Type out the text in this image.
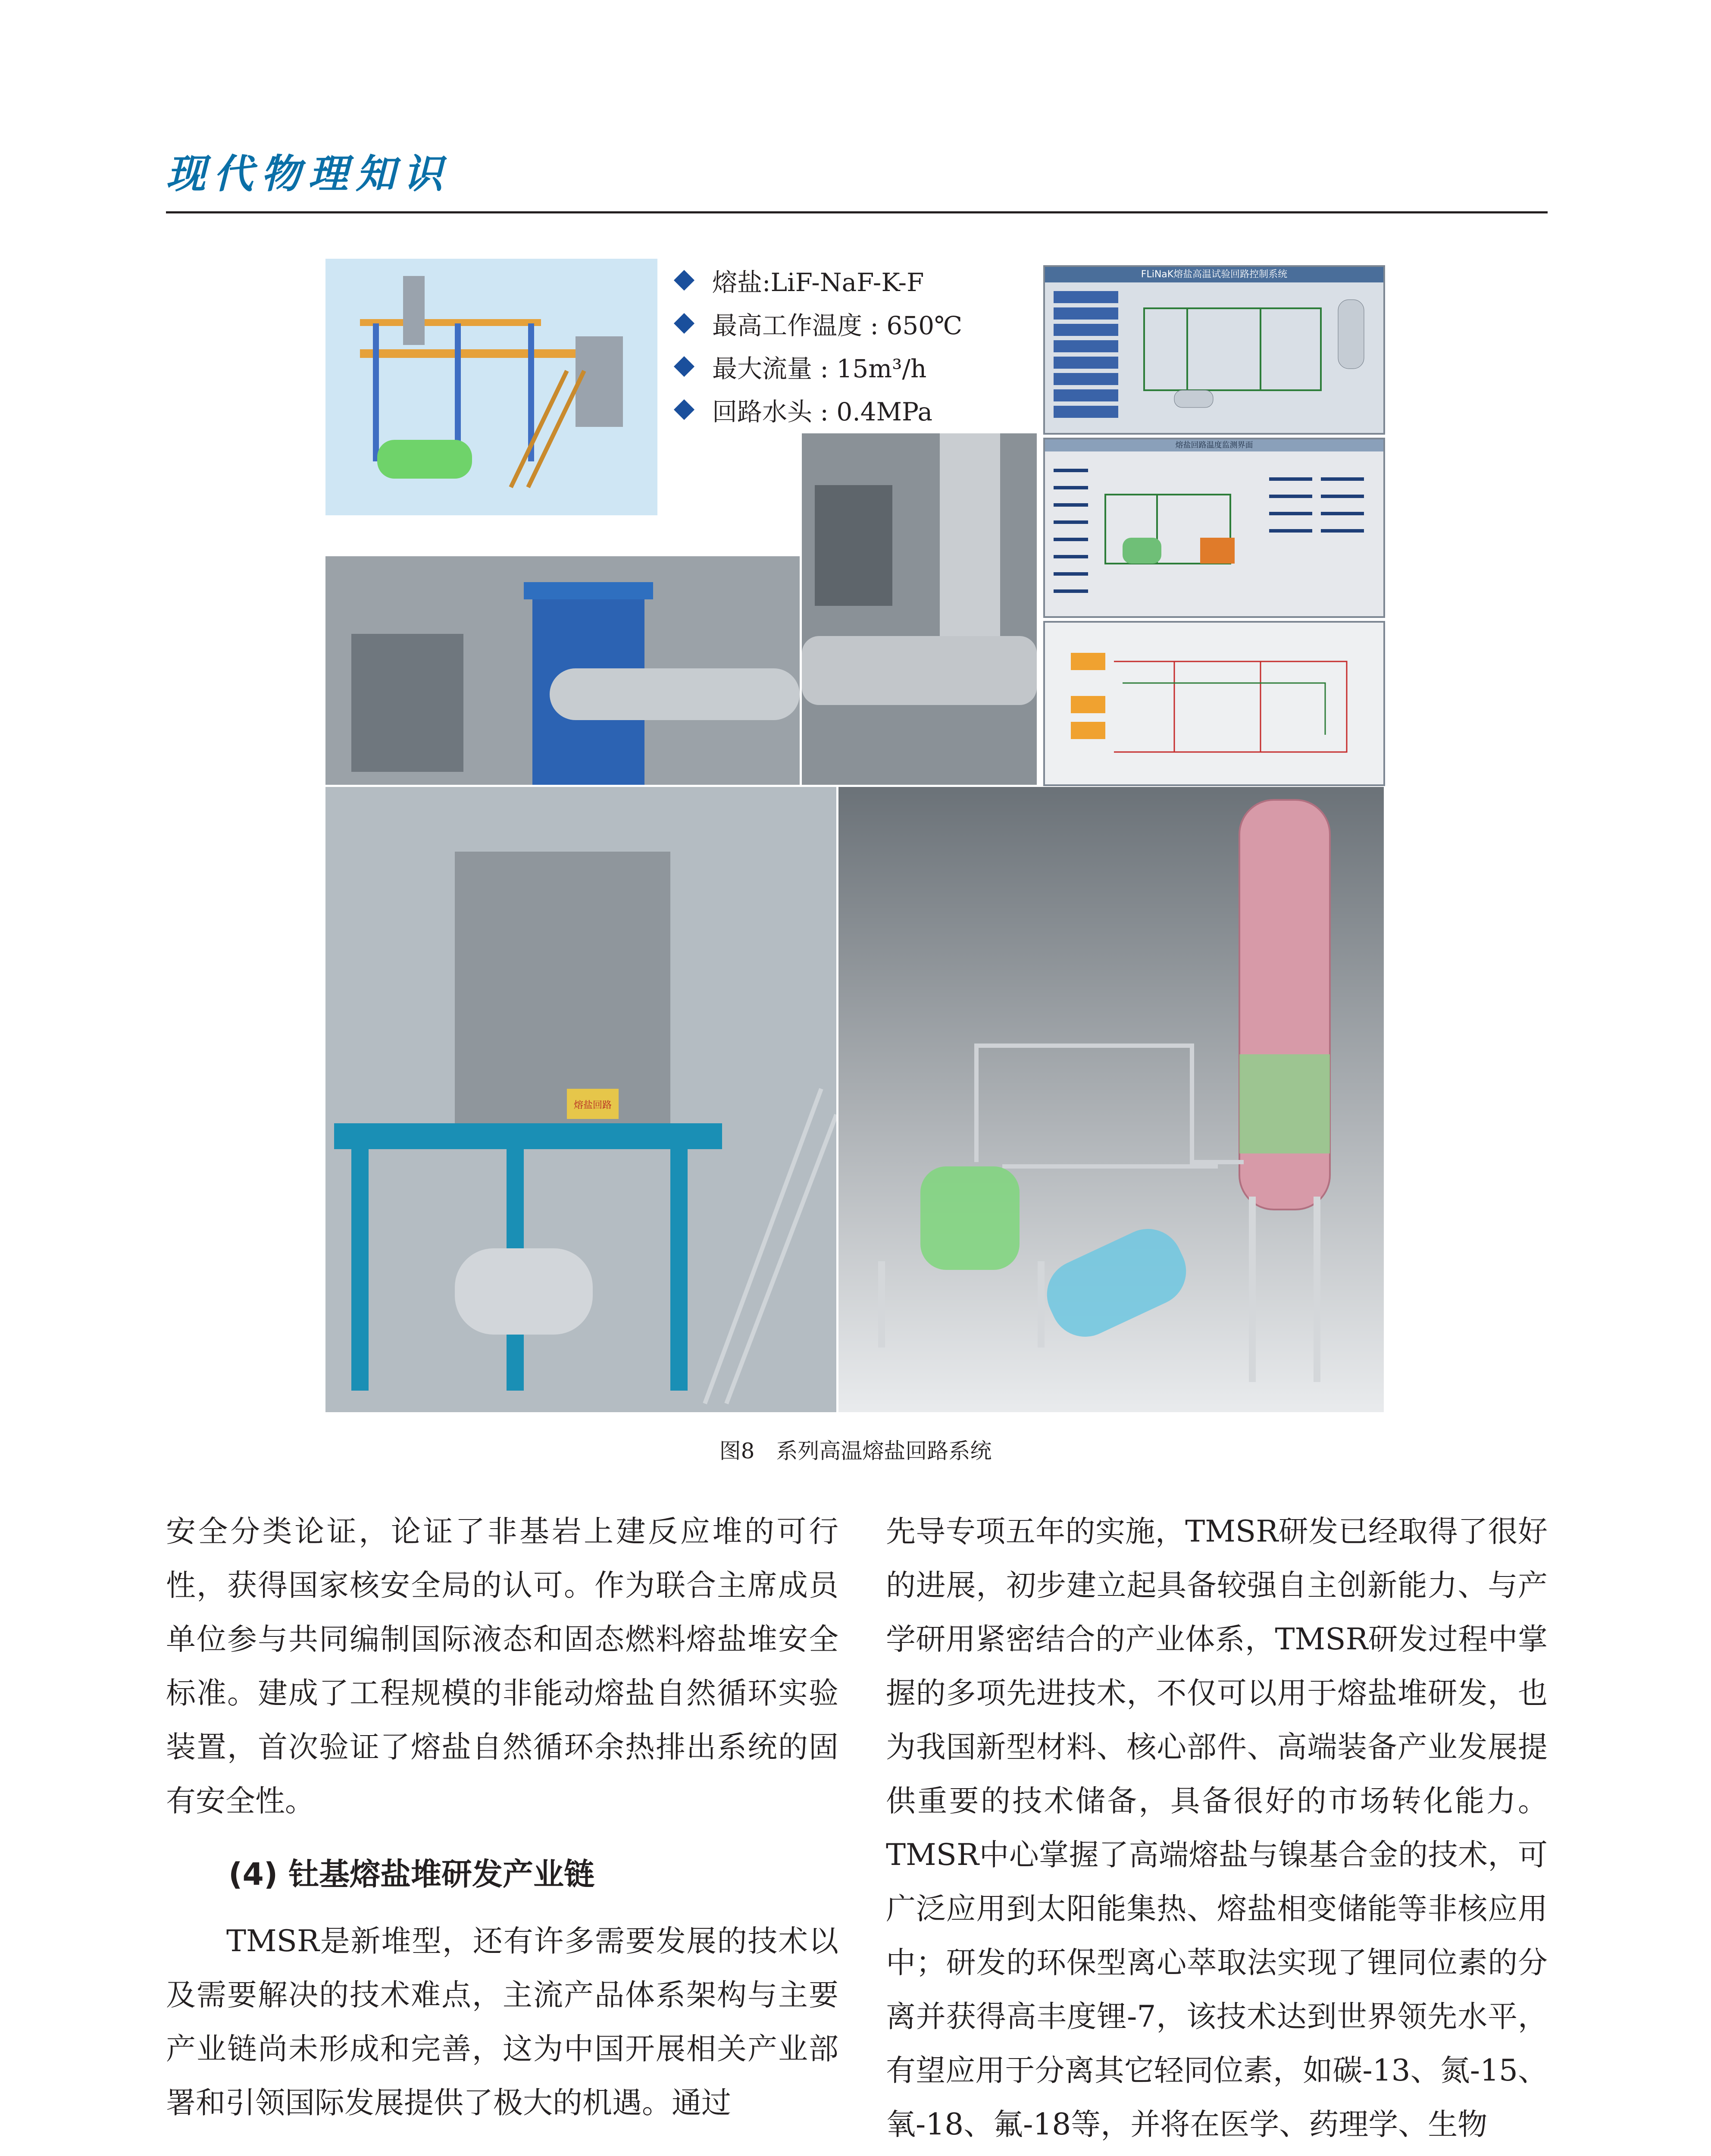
现代物理知识
熔盐:LiF-NaF-K-F
最高工作温度 : 650℃
最大流量 : 15m³/h
回路水头 : 0.4MPa
FLiNaK熔盐高温试验回路控制系统
熔盐回路温度监测界面
熔盐回路
图8　系列高温熔盐回路系统

安全分类论证，论证了非基岩上建反应堆的可行性，获得国家核安全局的认可。作为联合主席成员单位参与共同编制国际液态和固态燃料熔盐堆安全标准。建成了工程规模的非能动熔盐自然循环实验装置，首次验证了熔盐自然循环余热排出系统的固有安全性。

(4) 钍基熔盐堆研发产业链

TMSR是新堆型，还有许多需要发展的技术以及需要解决的技术难点，主流产品体系架构与主要产业链尚未形成和完善，这为中国开展相关产业部署和引领国际发展提供了极大的机遇。通过

先导专项五年的实施，TMSR研发已经取得了很好的进展，初步建立起具备较强自主创新能力、与产学研用紧密结合的产业体系，TMSR研发过程中掌握的多项先进技术，不仅可以用于熔盐堆研发，也为我国新型材料、核心部件、高端装备产业发展提供重要的技术储备，具备很好的市场转化能力。TMSR中心掌握了高端熔盐与镍基合金的技术，可广泛应用到太阳能集热、熔盐相变储能等非核应用中；研发的环保型离心萃取法实现了锂同位素的分离并获得高丰度锂-7，该技术达到世界领先水平，有望应用于分离其它轻同位素，如碳-13、氮-15、氧-18、氟-18等，并将在医学、药理学、生物
